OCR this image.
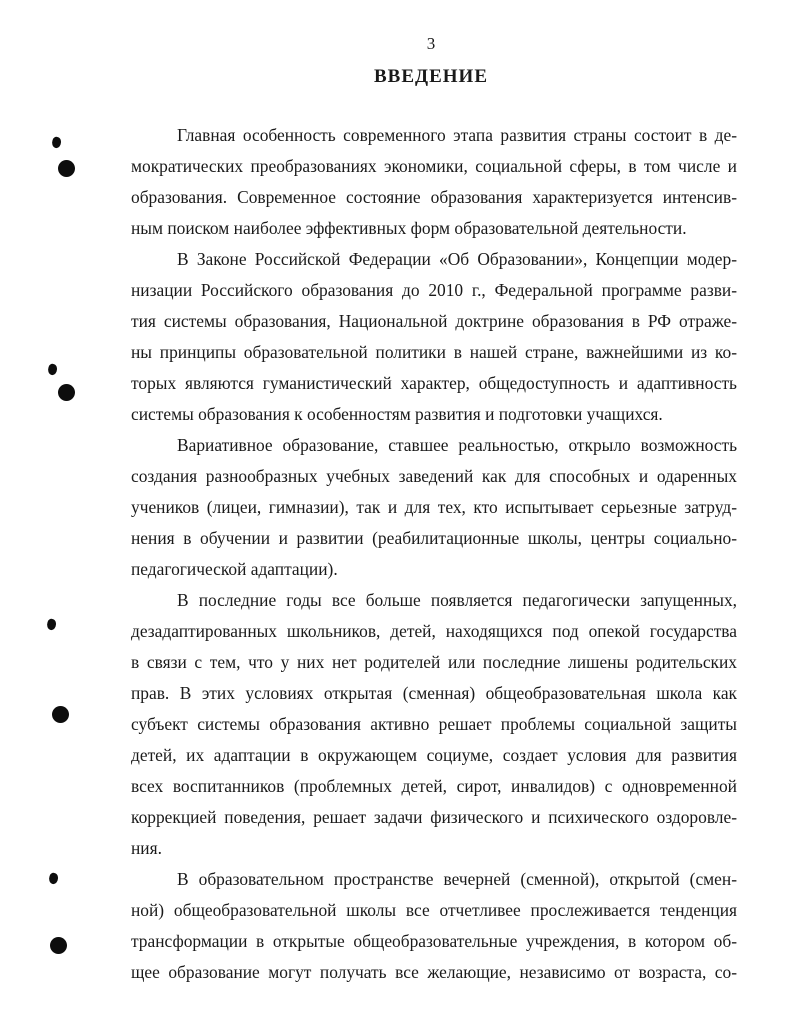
3
ВВЕДЕНИЕ
Главная особенность современного этапа развития страны состоит в де-
мократических преобразованиях экономики, социальной сферы, в том числе и
образования. Современное состояние образования характеризуется интенсив-
ным поиском наиболее эффективных форм образовательной деятельности.
В Законе Российской Федерации «Об Образовании», Концепции модер-
низации Российского образования до 2010 г., Федеральной программе разви-
тия системы образования, Национальной доктрине образования в РФ отраже-
ны принципы образовательной политики в нашей стране, важнейшими из ко-
торых являются гуманистический характер, общедоступность и адаптивность
системы образования к особенностям развития и подготовки учащихся.
Вариативное образование, ставшее реальностью, открыло возможность
создания разнообразных учебных заведений как для способных и одаренных
учеников (лицеи, гимназии), так и для тех, кто испытывает серьезные затруд-
нения в обучении и развитии (реабилитационные школы, центры социально-
педагогической адаптации).
В последние годы все больше появляется педагогически запущенных,
дезадаптированных школьников, детей, находящихся под опекой государства
в связи с тем, что у них нет родителей или последние лишены родительских
прав. В этих условиях открытая (сменная) общеобразовательная школа как
субъект системы образования активно решает проблемы социальной защиты
детей, их адаптации в окружающем социуме, создает условия для развития
всех воспитанников (проблемных детей, сирот, инвалидов) с одновременной
коррекцией поведения, решает задачи физического и психического оздоровле-
ния.
В образовательном пространстве вечерней (сменной), открытой (смен-
ной) общеобразовательной школы все отчетливее прослеживается тенденция
трансформации в открытые общеобразовательные учреждения, в котором об-
щее образование могут получать все желающие, независимо от возраста, со-
